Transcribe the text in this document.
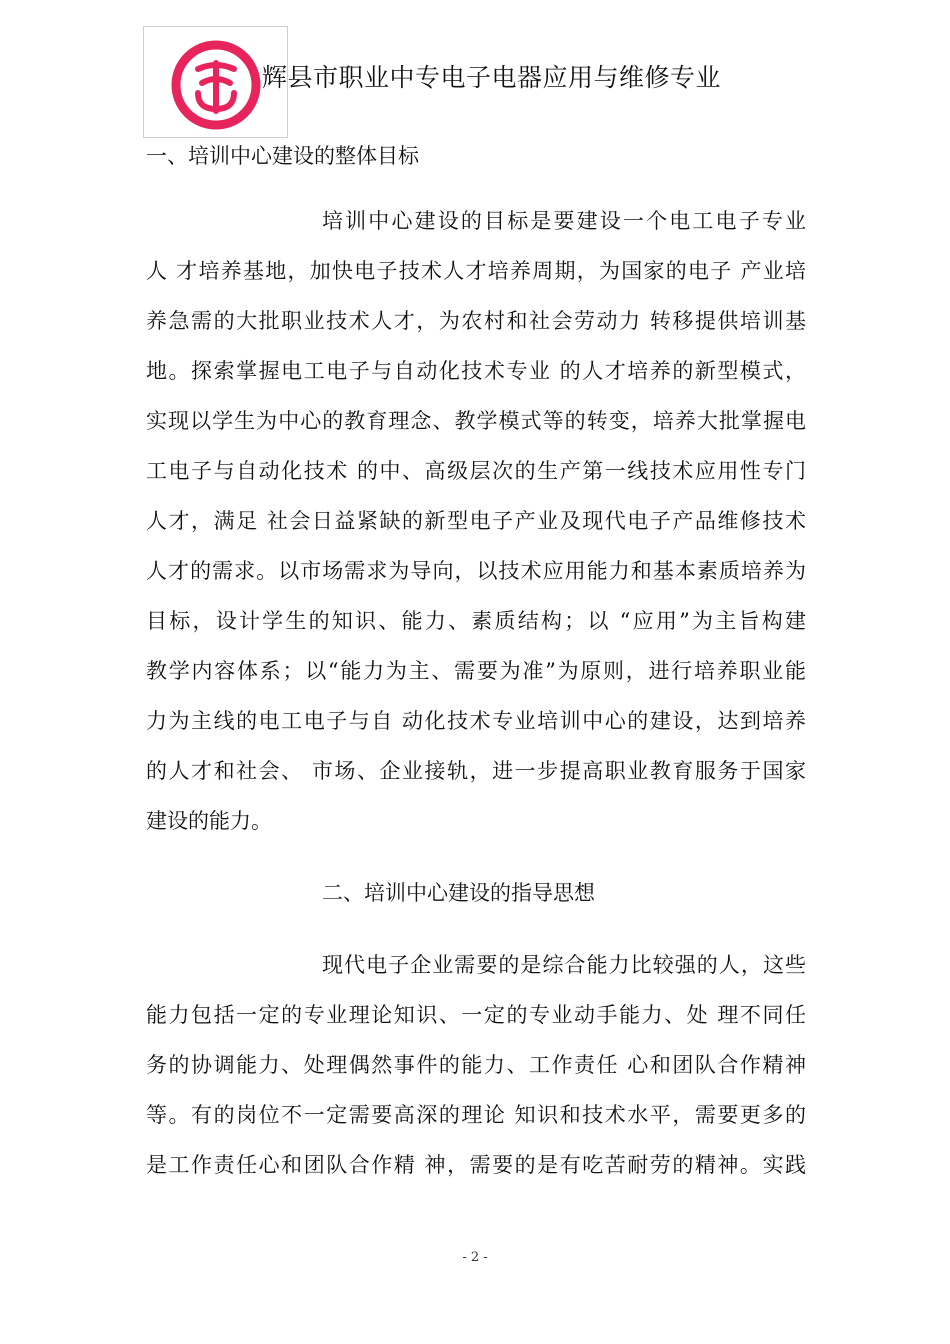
辉县市职业中专电子电器应用与维修专业
一、培训中心建设的整体目标
培训中心建设的目标是要建设一个电工电子专业
人 才培养基地，加快电子技术人才培养周期，为国家的电子 产业培
养急需的大批职业技术人才，为农村和社会劳动力 转移提供培训基
地。探索掌握电工电子与自动化技术专业 的人才培养的新型模式，
实现以学生为中心的教育理念、教学模式等的转变，培养大批掌握电
工电子与自动化技术 的中、高级层次的生产第一线技术应用性专门
人才，满足 社会日益紧缺的新型电子产业及现代电子产品维修技术
人才的需求。以市场需求为导向，以技术应用能力和基本素质培养为
目标，设计学生的知识、能力、素质结构；以 “应用”为主旨构建
教学内容体系；以“能力为主、需要为准”为原则，进行培养职业能
力为主线的电工电子与自 动化技术专业培训中心的建设，达到培养
的人才和社会、 市场、企业接轨，进一步提高职业教育服务于国家
建设的能力。
二、培训中心建设的指导思想
现代电子企业需要的是综合能力比较强的人，这些
能力包括一定的专业理论知识、一定的专业动手能力、处 理不同任
务的协调能力、处理偶然事件的能力、工作责任 心和团队合作精神
等。有的岗位不一定需要高深的理论 知识和技术水平，需要更多的
是工作责任心和团队合作精 神，需要的是有吃苦耐劳的精神。实践
- 2 -
